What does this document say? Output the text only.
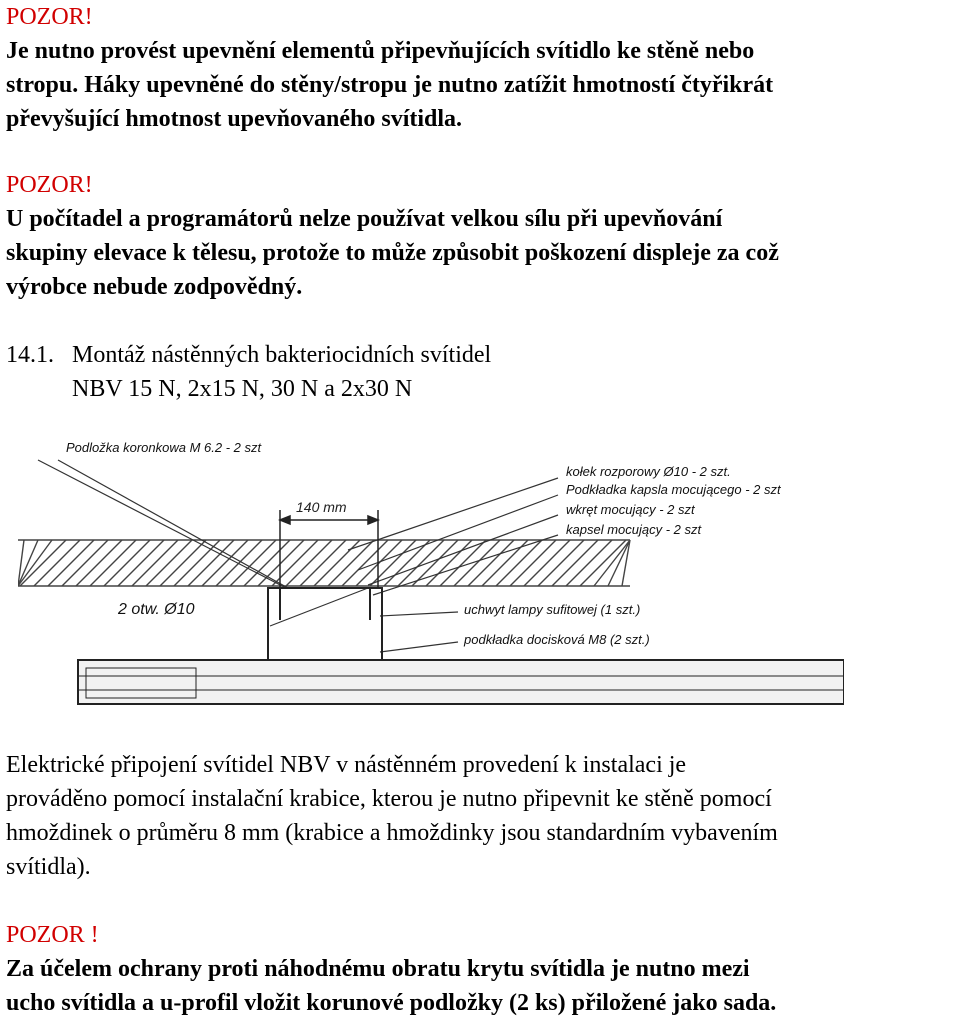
POZOR!
Je nutno provést upevnění elementů připevňujících svítidlo ke stěně nebo
stropu. Háky upevněné do stěny/stropu je nutno zatížit hmotností čtyřikrát
převyšující hmotnost upevňovaného svítidla.
POZOR!
U počítadel a programátorů nelze používat velkou sílu při upevňování
skupiny elevace k tělesu, protože to může způsobit poškození displeje za což
výrobce nebude zodpovědný.
14.1. Montáž nástěnných bakteriocidních svítidel
NBV 15 N, 2x15 N, 30 N a 2x30 N
140 mm
Podložka koronkowa M 6.2 - 2 szt
2 otw. Ø10
kołek rozporowy Ø10 - 2 szt.
Podkładka kapsla mocującego - 2 szt
wkręt mocujący - 2 szt
kapsel mocujący - 2 szt
uchwyt lampy sufitowej (1 szt.)
podkładka docisková M8 (2 szt.)
Elektrické připojení svítidel NBV v nástěnném provedení k instalaci je
prováděno pomocí instalační krabice, kterou je nutno připevnit ke stěně pomocí
hmoždinek o průměru 8 mm (krabice a hmoždinky jsou standardním vybavením
svítidla).
POZOR !
Za účelem ochrany proti náhodnému obratu krytu svítidla je nutno mezi
ucho svítidla a u-profil vložit korunové podložky (2 ks) přiložené jako sada.
